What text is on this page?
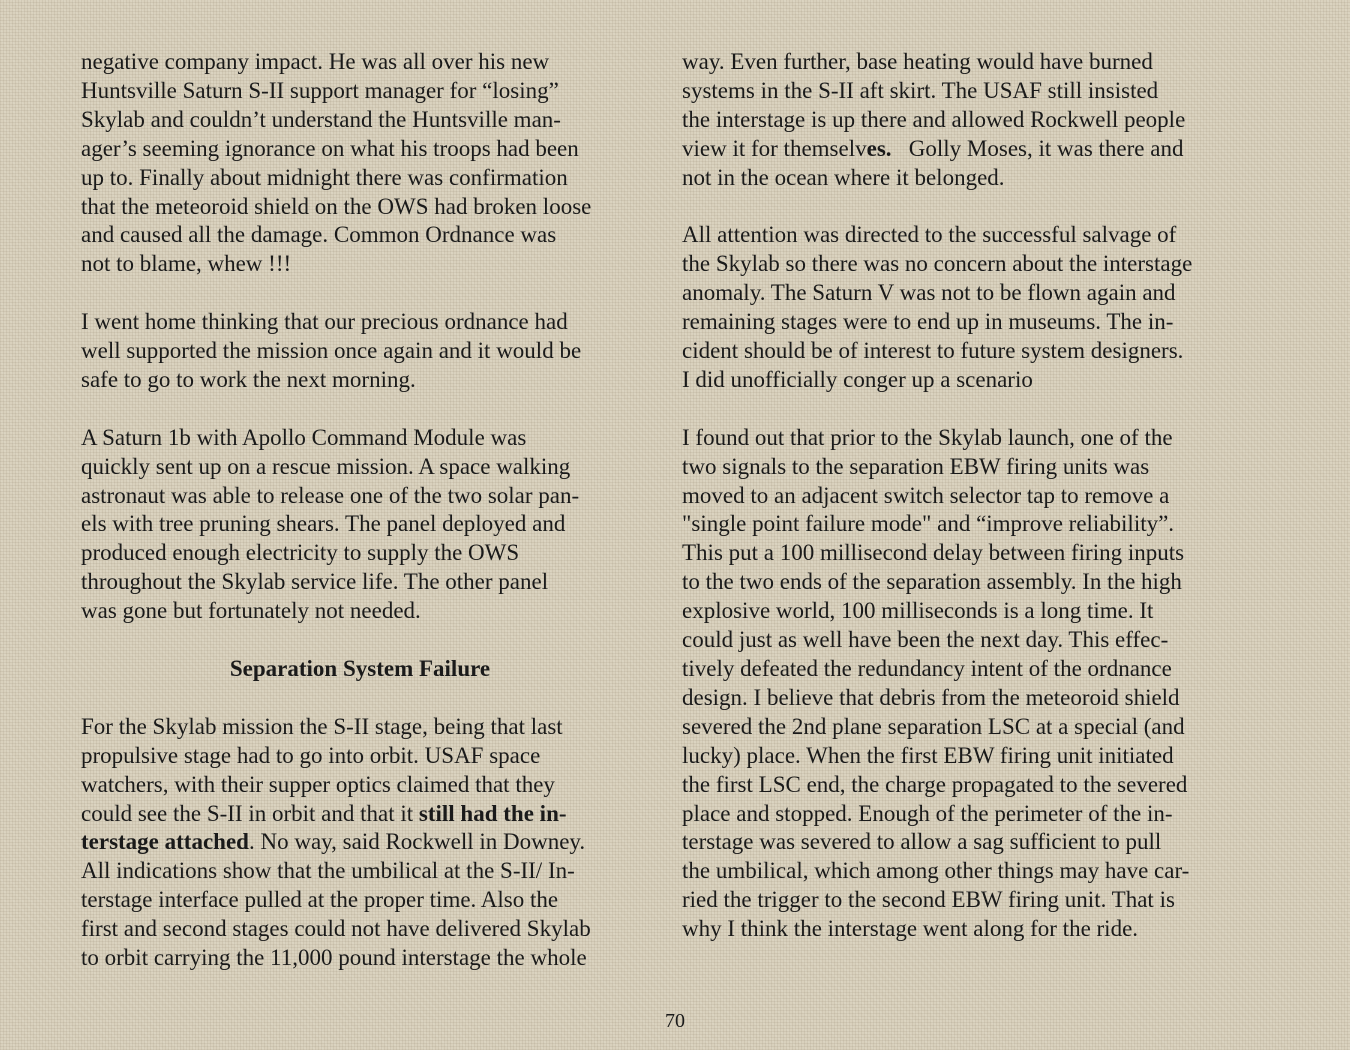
negative company impact. He was all over his new
Huntsville Saturn S-II support manager for “losing”
Skylab and couldn’t understand the Huntsville man-
ager’s seeming ignorance on what his troops had been
up to. Finally about midnight there was confirmation
that the meteoroid shield on the OWS had broken loose
and caused all the damage. Common Ordnance was
not to blame, whew !!!
I went home thinking that our precious ordnance had
well supported the mission once again and it would be
safe to go to work the next morning.
A Saturn 1b with Apollo Command Module was
quickly sent up on a rescue mission. A space walking
astronaut was able to release one of the two solar pan-
els with tree pruning shears. The panel deployed and
produced enough electricity to supply the OWS
throughout the Skylab service life. The other panel
was gone but fortunately not needed.
Separation System Failure
For the Skylab mission the S-II stage, being that last
propulsive stage had to go into orbit. USAF space
watchers, with their supper optics claimed that they
could see the S-II in orbit and that it still had the in-
terstage attached. No way, said Rockwell in Downey.
All indications show that the umbilical at the S-II/ In-
terstage interface pulled at the proper time. Also the
first and second stages could not have delivered Skylab
to orbit carrying the 11,000 pound interstage the whole
way. Even further, base heating would have burned
systems in the S-II aft skirt. The USAF still insisted
the interstage is up there and allowed Rockwell people
view it for themselves.   Golly Moses, it was there and
not in the ocean where it belonged.
All attention was directed to the successful salvage of
the Skylab so there was no concern about the interstage
anomaly. The Saturn V was not to be flown again and
remaining stages were to end up in museums. The in-
cident should be of interest to future system designers.
I did unofficially conger up a scenario
I found out that prior to the Skylab launch, one of the
two signals to the separation EBW firing units was
moved to an adjacent switch selector tap to remove a
"single point failure mode" and “improve reliability”.
This put a 100 millisecond delay between firing inputs
to the two ends of the separation assembly. In the high
explosive world, 100 milliseconds is a long time. It
could just as well have been the next day. This effec-
tively defeated the redundancy intent of the ordnance
design. I believe that debris from the meteoroid shield
severed the 2nd plane separation LSC at a special (and
lucky) place. When the first EBW firing unit initiated
the first LSC end, the charge propagated to the severed
place and stopped. Enough of the perimeter of the in-
terstage was severed to allow a sag sufficient to pull
the umbilical, which among other things may have car-
ried the trigger to the second EBW firing unit. That is
why I think the interstage went along for the ride.
70
